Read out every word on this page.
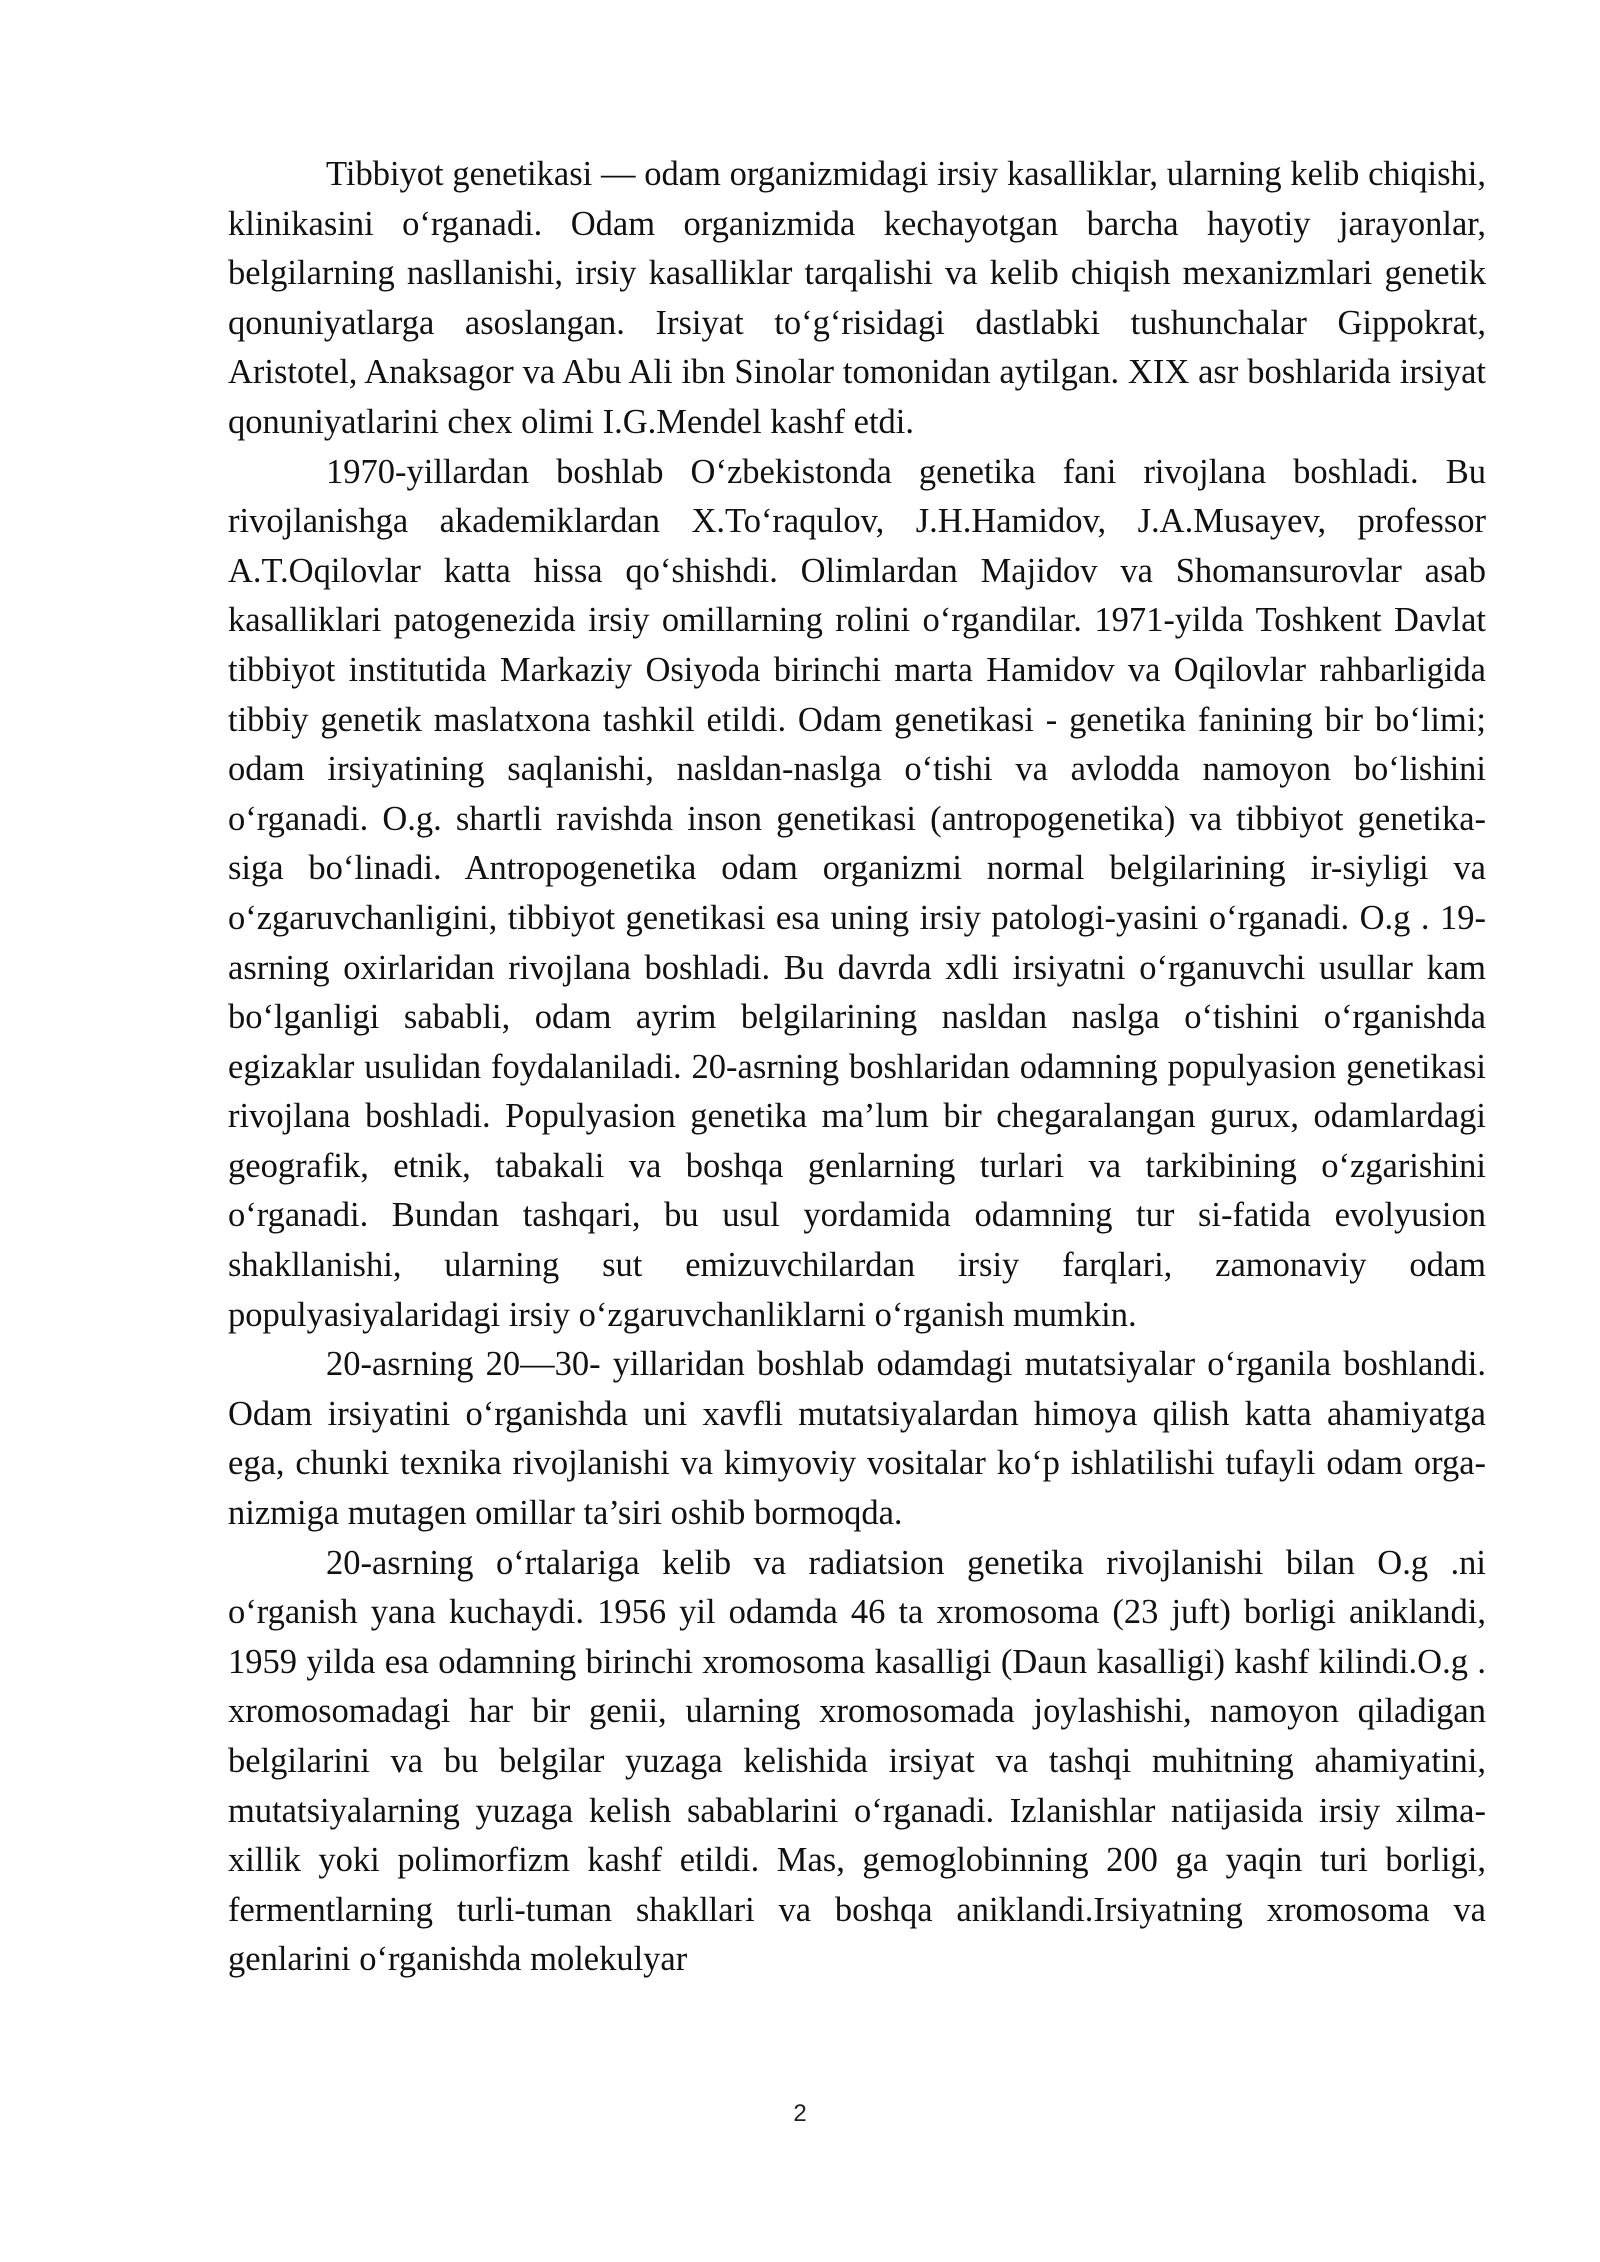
Tibbiyot genetikasi — odam organizmidagi irsiy kasalliklar, ularning kelib chiqishi, klinikasini o‘rganadi. Odam organizmida kechayotgan barcha hayotiy jarayonlar, belgilarning nasllanishi, irsiy kasalliklar tarqalishi va kelib chiqish mexanizmlari genetik qonuniyatlarga asoslangan. Irsiyat to‘g‘risidagi dastlabki tushunchalar Gippokrat, Aristotel, Anaksagor va Abu Ali ibn Sinolar tomonidan aytilgan. XIX asr boshlarida irsiyat qonuniyatlarini chex olimi I.G.Mendel kashf etdi.

1970-yillardan boshlab O‘zbekistonda genetika fani rivojlana boshladi. Bu rivojlanishga akademiklardan X.To‘raqulov, J.H.Hamidov, J.A.Musayev, professor A.T.Oqilovlar katta hissa qo‘shishdi. Olimlardan Majidov va Shomansurovlar asab kasalliklari patogenezida irsiy omillarning rolini o‘rgandilar. 1971-yilda Toshkent Davlat tibbiyot institutida Markaziy Osiyoda birinchi marta Hamidov va Oqilovlar rahbarligida tibbiy genetik maslatxona tashkil etildi. Odam genetikasi - genetika fanining bir bo‘limi; odam irsiyatining saqlanishi, nasldan-naslga o‘tishi va avlodda namoyon bo‘lishini o‘rganadi. O.g. shartli ravishda inson genetikasi (antropogenetika) va tibbiyot genetika-siga bo‘linadi. Antropogenetika odam organizmi normal belgilarining ir-siyligi va o‘zgaruvchanligini, tibbiyot genetikasi esa uning irsiy patologi-yasini o‘rganadi. O.g . 19-asrning oxirlaridan rivojlana boshladi. Bu davrda xdli irsiyatni o‘rganuvchi usullar kam bo‘lganligi sababli, odam ayrim belgilarining nasldan naslga o‘tishini o‘rganishda egizaklar usulidan foydalaniladi. 20-asrning boshlaridan odamning populyasion genetikasi rivojlana boshladi. Populyasion genetika ma’lum bir chegaralangan gurux, odamlardagi geografik, etnik, tabakali va boshqa genlarning turlari va tarkibining o‘zgarishini o‘rganadi. Bundan tashqari, bu usul yordamida odamning tur si-fatida evolyusion shakllanishi, ularning sut emizuvchilardan irsiy farqlari, zamonaviy odam populyasiyalaridagi irsiy o‘zgaruvchanliklarni o‘rganish mumkin.

20-asrning 20—30- yillaridan boshlab odamdagi mutatsiyalar o‘rganila boshlandi. Odam irsiyatini o‘rganishda uni xavfli mutatsiyalardan himoya qilish katta ahamiyatga ega, chunki texnika rivojlanishi va kimyoviy vositalar ko‘p ishlatilishi tufayli odam orga-nizmiga mutagen omillar ta’siri oshib bormoqda.

20-asrning o‘rtalariga kelib va radiatsion genetika rivojlanishi bilan O.g .ni o‘rganish yana kuchaydi. 1956 yil odamda 46 ta xromosoma (23 juft) borligi aniklandi, 1959 yilda esa odamning birinchi xromosoma kasalligi (Daun kasalligi) kashf kilindi.O.g . xromosomadagi har bir genii, ularning xromosomada joylashishi, namoyon qiladigan belgilarini va bu belgilar yuzaga kelishida irsiyat va tashqi muhitning ahamiyatini, mutatsiyalarning yuzaga kelish sabablarini o‘rganadi. Izlanishlar natijasida irsiy xilma-xillik yoki polimorfizm kashf etildi. Mas, gemoglobinning 200 ga yaqin turi borligi, fermentlarning turli-tuman shakllari va boshqa aniklandi.Irsiyatning xromosoma va genlarini o‘rganishda molekulyar

2
